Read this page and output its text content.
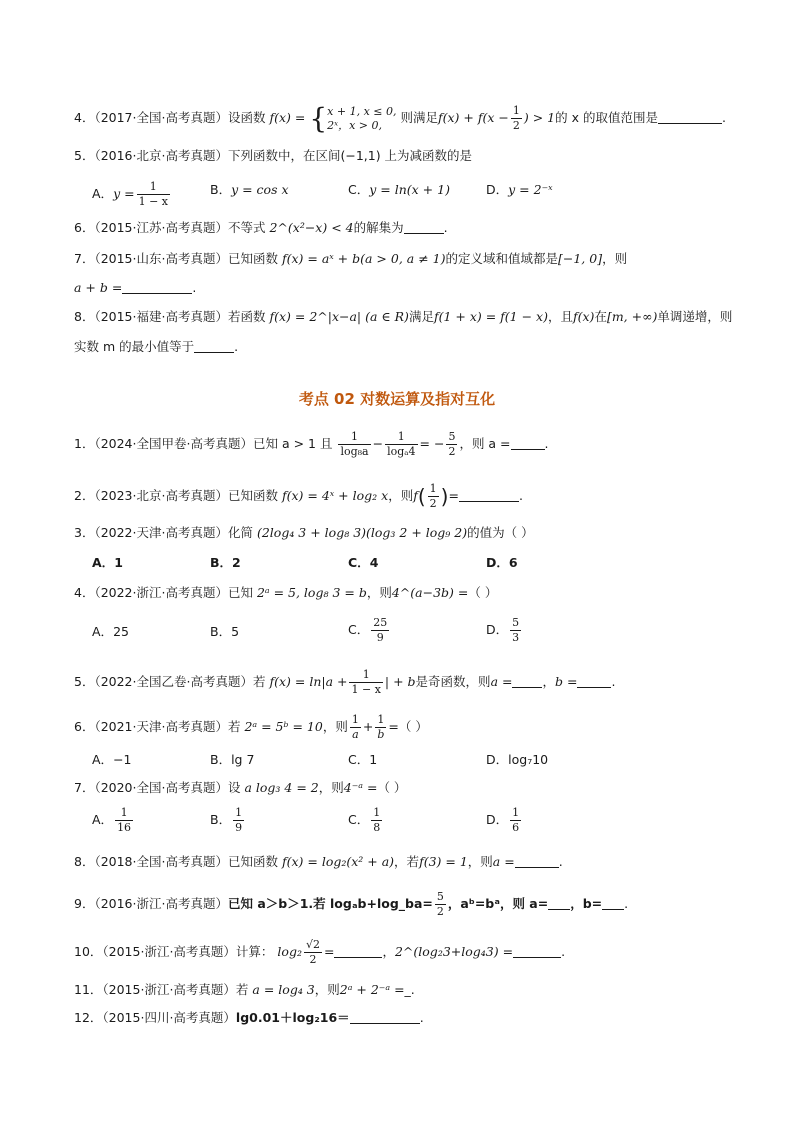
4．（2017·全国·高考真题）设函数 f(x) = { x + 1, x ≤ 0,
2ˣ，x > 0,	则满足$f(x) + f(x - \frac{1}{2}$ ) > 1的 x 的取值范围是	.
5．（2016·北京·高考真题）下列函数中，在区间(−1,1) 上为减函数的是
A．$y = \frac{1}{1 - x}$	B．y = cos x	C．y = ln(x + 1)	D．y = 2⁻ˣ
6．（2015·江苏·高考真题）不等式 2^(x²−x) < 4的解集为	.
7．（2015·山东·高考真题）已知函数 f(x) = aˣ + b(a > 0, a ≠ 1)的定义域和值域都是[−1, 0]，则
a + b =	.
8．（2015·福建·高考真题）若函数 f(x) = 2^|x−a| (a ∈ R)满足f(1 + x) = f(1 − x)，且f(x)在[m, +∞)单调递增，则
实数 m 的最小值等于	.
考点 02 对数运算及指对互化
1．（2024·全国甲卷·高考真题）已知 a > 1 且 $\frac{1}{\text{log₈a}} - \frac{1}{\text{logₐ4}}$ = − $\frac{5}{2}$ ，则 a =	.
2．（2023·北京·高考真题）已知函数 f(x) = 4ˣ + log₂ x，则$f( \frac{1}{2}$ )=	.
3．（2022·天津·高考真题）化简 (2log₄ 3 + log₈ 3)(log₃ 2 + log₉ 2)的值为（ ）
A．1	B．2	C．4	D．6
4．（2022·浙江·高考真题）已知 2ᵃ = 5, log₈ 3 = b，则4^(a−3b) =（ ）
A．25	B．5	C． $\frac{25}{9}$	D． $\frac{5}{3}$
5．（2022·全国乙卷·高考真题）若 $f(x) = \ln|a + \frac{1}{1 - x}$ | + b是奇函数，则a = ，b =	.
6．（2021·天津·高考真题）若 2ᵃ = 5ᵇ = 10，则 $\frac{1}{a} + \frac{1}{b}$ =（ ）
A．−1	B．lg 7	C．1	D．log₇10
7．（2020·全国·高考真题）设 a log₃ 4 = 2，则4⁻ᵃ =（ ）
A． $\frac{1}{16}$	B． $\frac{1}{9}$	C． $\frac{1}{8}$	D． $\frac{1}{6}$
8．（2018·全国·高考真题）已知函数 f(x) = log₂(x² + a)，若f(3) = 1，则a =	.
9．（2016·浙江·高考真题）已知 a＞b＞1.若 logₐb+log_ba= $\frac{5}{2}$ ，aᵇ=bᵃ，则 a= ，b= .
10．（2015·浙江·高考真题）计算： $\log_2 \frac{√2}{2}$ =	，2^(log₂3+log₄3) =	.
11．（2015·浙江·高考真题）若 a = log₄ 3，则2ᵃ + 2⁻ᵃ =_.
12．（2015·四川·高考真题）lg0.01＋log₂16＝	.
